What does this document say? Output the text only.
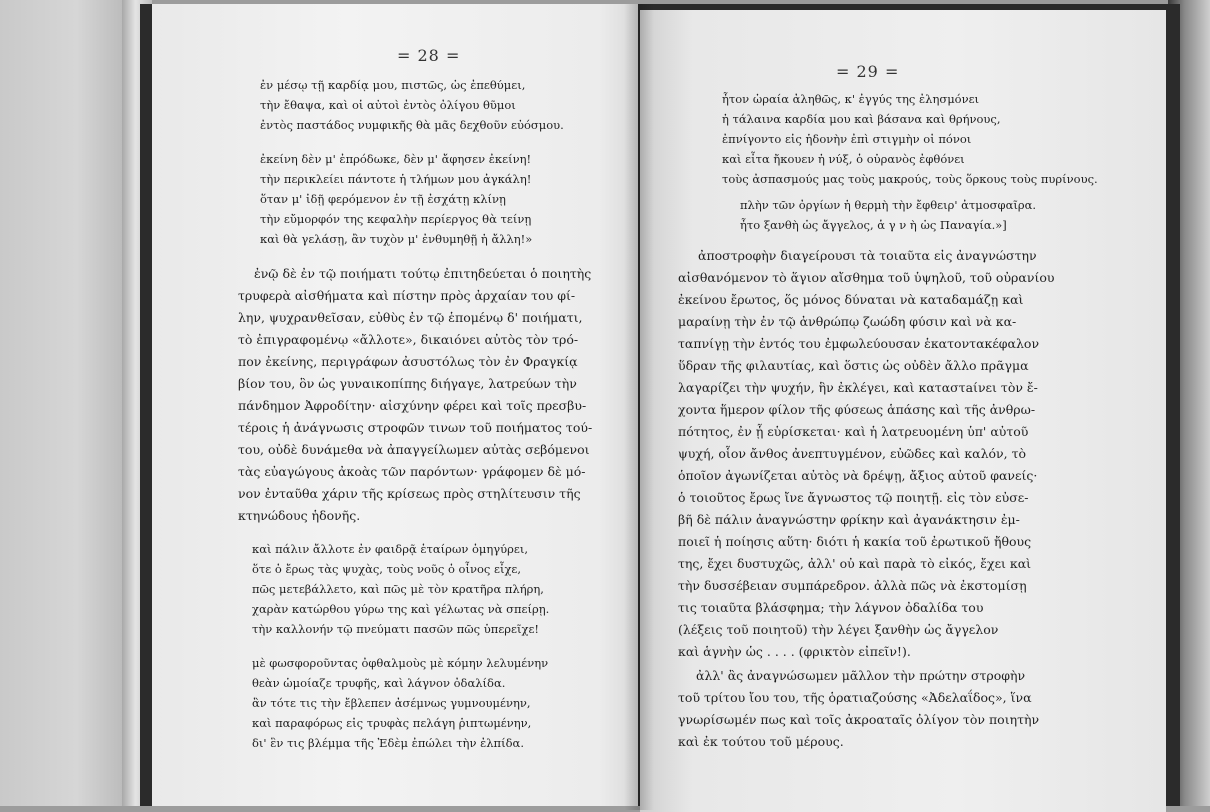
= 28 =
ἐν μέσῳ τῇ καρδίᾳ μου, πιστῶς, ὡς ἐπεθύμει,
τὴν ἔθαψα, καὶ οἱ αὐτοὶ ἐντὸς ὀλίγου θῦμοι
ἐντὸς παστάδος νυμφικῆς θὰ μᾶς δεχθοῦν εὐόσμου.
ἐκείνη δὲν μ' ἐπρόδωκε, δὲν μ' ἄφησεν ἐκείνη!
τὴν περικλείει πάντοτε ἡ τλήμων μου ἀγκάλη!
ὅταν μ' ἰδῇ φερόμενον ἐν τῇ ἐσχάτῃ κλίνῃ
τὴν εὔμορφόν της κεφαλὴν περίεργος θὰ τείνῃ
καὶ θὰ γελάσῃ, ἂν τυχὸν μ' ἐνθυμηθῇ ἡ ἄλλη!»
ἐνῷ δὲ ἐν τῷ ποιήματι τούτῳ ἐπιτηδεύεται ὁ ποιητὴς
τρυφερὰ αἰσθήματα καὶ πίστην πρὸς ἀρχαίαν του φί-
λην, ψυχρανθεῖσαν, εὐθὺς ἐν τῷ ἑπομένῳ δ' ποιήματι,
τὸ ἐπιγραφομένῳ «ἄλλοτε», δικαιόνει αὐτὸς τὸν τρό-
πον ἐκείνης, περιγράφων ἀσυστόλως τὸν ἐν Φραγκίᾳ
βίον του, ὃν ὡς γυναικοπίπης διήγαγε, λατρεύων τὴν
πάνδημον Ἀφροδίτην· αἰσχύνην φέρει καὶ τοῖς πρεσβυ-
τέροις ἡ ἀνάγνωσις στροφῶν τινων τοῦ ποιήματος τού-
του, οὐδὲ δυνάμεθα νὰ ἀπαγγείλωμεν αὐτὰς σεβόμενοι
τὰς εὐαγώγους ἀκοὰς τῶν παρόντων· γράφομεν δὲ μό-
νον ἐνταῦθα χάριν τῆς κρίσεως πρὸς στηλίτευσιν τῆς
κτηνώδους ἡδονῆς.
καὶ πάλιν ἄλλοτε ἐν φαιδρᾷ ἑταίρων ὁμηγύρει,
ὅτε ὁ ἔρως τὰς ψυχὰς, τοὺς νοῦς ὁ οἶνος εἶχε,
πῶς μετεβάλλετο, καὶ πῶς μὲ τὸν κρατῆρα πλήρη,
χαρὰν κατώρθου γύρω της καὶ γέλωτας νὰ σπείρῃ.
τὴν καλλονήν τῷ πνεύματι πασῶν πῶς ὑπερεῖχε!
μὲ φωσφοροῦντας ὀφθαλμοὺς μὲ κόμην λελυμένην
θεὰν ὡμοίαζε τρυφῆς, καὶ λάγνον ὀδαλίδα.
ἂν τότε τις τὴν ἔβλεπεν ἀσέμνως γυμνουμένην,
καὶ παραφόρως εἰς τρυφὰς πελάγη ῥιπτωμένην,
δι' ἓν τις βλέμμα τῆς Ἐδὲμ ἐπώλει τὴν ἐλπίδα.
= 29 =
ἦτον ὡραία ἀληθῶς, κ' ἐγγύς της ἐλησμόνει
ἡ τάλαινα καρδία μου καὶ βάσανα καὶ θρήνους,
ἐπνίγοντο εἰς ἡδονὴν ἐπὶ στιγμὴν οἱ πόνοι
καὶ εἶτα ἤκουεν ἡ νύξ, ὁ οὐρανὸς ἐφθόνει
τοὺς ἀσπασμούς μας τοὺς μακρούς, τοὺς ὅρκους τοὺς πυρίνους.
πλὴν τῶν ὀργίων ἡ θερμὴ τὴν ἔφθειρ' ἀτμοσφαῖρα.
ἦτο ξανθὴ ὡς ἄγγελος, ἁ γ ν ὴ ὡς Παναγία.»]
ἀποστροφὴν διαγείρουσι τὰ τοιαῦτα εἰς ἀναγνώστην
αἰσθανόμενον τὸ ἅγιον αἴσθημα τοῦ ὑψηλοῦ, τοῦ οὐρανίου
ἐκείνου ἔρωτος, ὅς μόνος δύναται νὰ καταδαμάζῃ καὶ
μαραίνῃ τὴν ἐν τῷ ἀνθρώπῳ ζωώδη φύσιν καὶ νὰ κα-
ταπνίγῃ τὴν ἐντός του ἐμφωλεύουσαν ἑκατοντακέφαλον
ὕδραν τῆς φιλαυτίας, καὶ ὅστις ὡς οὐδὲν ἄλλο πρᾶγμα
λαγαρίζει τὴν ψυχήν, ἣν ἐκλέγει, καὶ καταστaίνει τὸν ἔ-
χοντα ἥμερον φίλον τῆς φύσεως ἁπάσης καὶ τῆς ἀνθρω-
πότητος, ἐν ᾗ εὑρίσκεται· καὶ ἡ λατρευομένη ὑπ' αὐτοῦ
ψυχή, οἷον ἄνθος ἀνεπτυγμένον, εὐῶδες καὶ καλόν, τὸ
ὁποῖον ἀγωνίζεται αὐτὸς νὰ δρέψῃ, ἄξιος αὐτοῦ φανείς·
ὁ τοιοῦτος ἔρως ἴνε ἄγνωστος τῷ ποιητῇ. εἰς τὸν εὐσε-
βῆ δὲ πάλιν ἀναγνώστην φρίκην καὶ ἀγανάκτησιν ἐμ-
ποιεῖ ἡ ποίησις αὕτη· διότι ἡ κακία τοῦ ἐρωτικοῦ ἤθους
της, ἔχει δυστυχῶς, ἀλλ' οὐ καὶ παρὰ τὸ εἰκός, ἔχει καὶ
τὴν δυσσέβειαν συμπάρεδρον. ἀλλὰ πῶς νὰ ἐκστομίσῃ
τις τοιαῦτα βλάσφημα; τὴν λάγνον ὀδαλίδα του
(λέξεις τοῦ ποιητοῦ) τὴν λέγει ξανθὴν ὡς ἄγγελον
καὶ ἁγνὴν ὡς . . . . (φρικτὸν εἰπεῖν!).
ἀλλ' ἂς ἀναγνώσωμεν μᾶλλον τὴν πρώτην στροφὴν
τοῦ τρίτου ἴου του, τῆς ὁρατιαζούσης «Ἀδελαΐδος», ἵνα
γνωρίσωμέν πως καὶ τοῖς ἀκροαταῖς ὀλίγον τὸν ποιητὴν
καὶ ἐκ τούτου τοῦ μέρους.
